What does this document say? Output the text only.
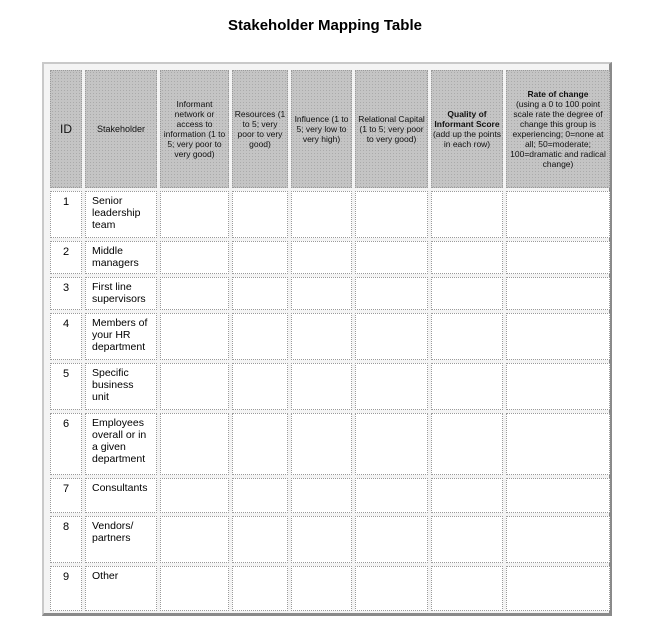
Stakeholder Mapping Table
ID	Stakeholder	Informant network or access to information (1 to 5; very poor to very good)	Resources (1 to 5; very poor to very good)	Influence (1 to 5; very low to very high)	Relational Capital (1 to 5; very poor to very good)	Quality of Informant Score (add up the points in each row)	Rate of change
(using a 0 to 100 point scale rate the degree of change this group is experiencing; 0=none at all; 50=moderate; 100=dramatic and radical change)
1	Senior leadership team						
2	Middle managers						
3	First line supervisors						
4	Members of your HR department						
5	Specific business unit						
6	Employees overall or in a given department						
7	Consultants						
8	Vendors/ partners						
9	Other						
